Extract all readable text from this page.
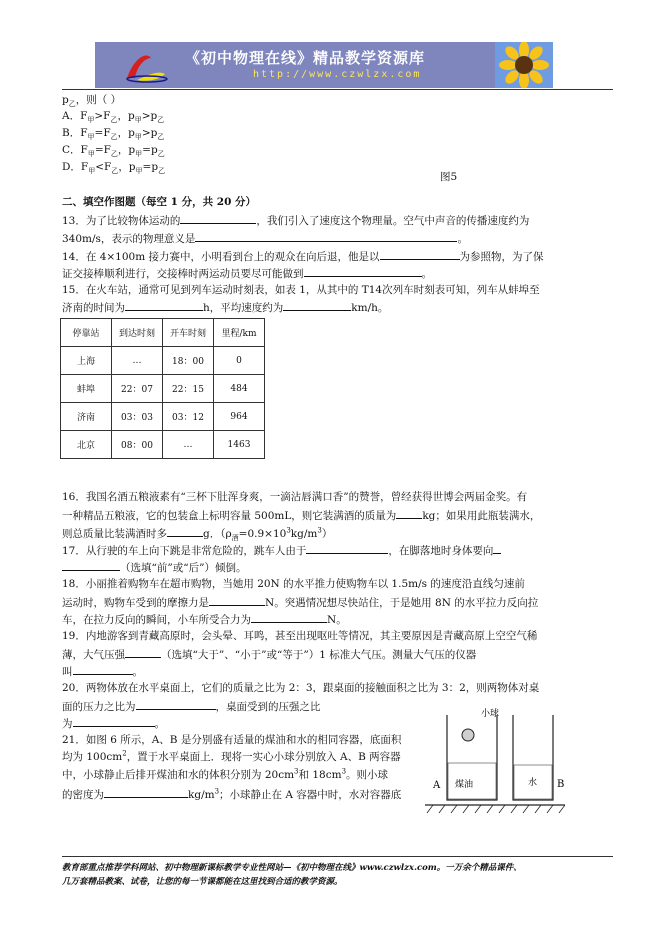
《初中物理在线》精品教学资源库
http://www.czwlzx.com
$p_乙$，则（ ）
A．$F_甲>F_乙$，$p_甲>p_乙$
B．$F_甲=F_乙$，$p_甲>p_乙$
C．$F_甲=F_乙$，$p_甲=p_乙$
D．$F_甲<F_乙$，$p_甲=p_乙$	图5
二、填空作图题（每空 1 分，共 20 分）
13．为了比较物体运动的	，我们引入了速度这个物理量。空气中声音的传播速度约为
340m/s，表示的物理意义是	。
14．在 4×100m 接力赛中，小明看到台上的观众在向后退，他是以	为参照物，为了保
证交接棒顺利进行，交接棒时两运动员要尽可能做到	。
15．在火车站，通常可见到列车运动时刻表，如表 1，从其中的 T14次列车时刻表可知，列车从蚌埠至
济南的时间为	h，平均速度约为	km/h。
停靠站	到达时刻	开车时刻	里程/km
上海	…	18：00	0
蚌埠	22：07	22：15	484
济南	03：03	03：12	964
北京	08：00	…	1463
16．我国名酒五粮液素有“三杯下肚浑身爽，一滴沾唇满口香”的赞誉，曾经获得世博会两届金奖。有
一种精品五粮液，它的包装盒上标明容量 500mL，则它装满酒的质量为 kg；如果用此瓶装满水，
则总质量比装满酒时多	g．$(\rho_酒=0.9\times 10^3kg/m^3)$
17．从行驶的车上向下跳是非常危险的，跳车人由于	，在脚落地时身体要向
（选填“前”或“后”）倾倒。
18．小丽推着购物车在超市购物，当她用 20N 的水平推力使购物车以 1.5m/s 的速度沿直线匀速前
运动时，购物车受到的摩擦力是	N。突遇情况想尽快站住，于是她用 8N 的水平拉力反向拉
车，在拉力反向的瞬间，小车所受合力为	N。
19．内地游客到青藏高原时，会头晕、耳鸣，甚至出现呕吐等情况，其主要原因是青藏高原上空空气稀
薄，大气压强	（选填“大于”、“小于”或“等于”）1 标准大气压。测量大气压的仪器
叫	。
20．两物体放在水平桌面上，它们的质量之比为 2：3，跟桌面的接触面积之比为 3：2，则两物体对桌
面的压力之比为	，桌面受到的压强之比
为	。
21．如图 6 所示，A、B 是分别盛有适量的煤油和水的相同容器，底面积
均为 $100cm^2$，置于水平桌面上．现将一实心小球分别放入 A、B 两容器
中，小球静止后排开煤油和水的体积分别为 $20cm^3$和 $18cm^3$。则小球
的密度为	$kg/m^3$；小球静止在 A 容器中时，水对容器底
小球
煤油
A	水 B
教育部重点推荐学科网站、初中物理新课标教学专业性网站—《初中物理在线》www.czwlzx.com。一万余个精品课件、
几万套精品教案、试卷，让您的每一节课都能在这里找到合适的教学资源。
